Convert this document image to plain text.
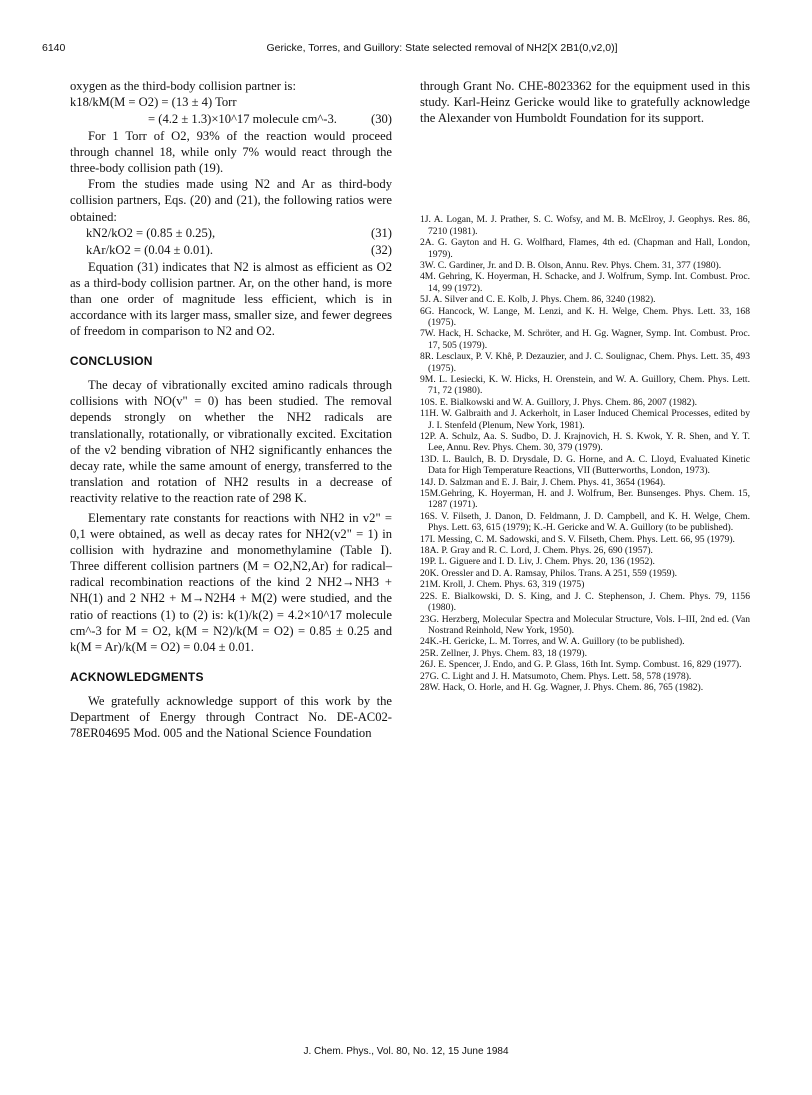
6140	Gericke, Torres, and Guillory: State selected removal of NH2[X 2B1(0,v2,0)]

oxygen as the third-body collision partner is:

k18/kM(M = O2) = (13 ± 4) Torr
= (4.2 ± 1.3)×10^17 molecule cm^-3.	(30)

For 1 Torr of O2, 93% of the reaction would proceed through channel 18, while only 7% would react through the three-body collision path (19).

From the studies made using N2 and Ar as third-body collision partners, Eqs. (20) and (21), the following ratios were obtained:

kN2/kO2 = (0.85 ± 0.25),	(31)
kAr/kO2 = (0.04 ± 0.01).	(32)

Equation (31) indicates that N2 is almost as efficient as O2 as a third-body collision partner. Ar, on the other hand, is more than one order of magnitude less efficient, which is in accordance with its larger mass, smaller size, and fewer degrees of freedom in comparison to N2 and O2.

CONCLUSION

The decay of vibrationally excited amino radicals through collisions with NO(v" = 0) has been studied. The removal depends strongly on whether the NH2 radicals are translationally, rotationally, or vibrationally excited. Excitation of the ν2 bending vibration of NH2 significantly enhances the decay rate, while the same amount of energy, transferred to the translation and rotation of NH2 results in a decrease of reactivity relative to the reaction rate of 298 K.

Elementary rate constants for reactions with NH2 in v2" = 0,1 were obtained, as well as decay rates for NH2(v2" = 1) in collision with hydrazine and monomethylamine (Table I). Three different collision partners (M = O2,N2,Ar) for radical–radical recombination reactions of the kind 2 NH2→NH3 + NH(1) and 2 NH2 + M→N2H4 + M(2) were studied, and the ratio of reactions (1) to (2) is: k(1)/k(2) = 4.2×10^17 molecule cm^-3 for M = O2, k(M = N2)/k(M = O2) = 0.85 ± 0.25 and k(M = Ar)/k(M = O2) = 0.04 ± 0.01.

ACKNOWLEDGMENTS

We gratefully acknowledge support of this work by the Department of Energy through Contract No. DE-AC02-78ER04695 Mod. 005 and the National Science Foundation

through Grant No. CHE-8023362 for the equipment used in this study. Karl-Heinz Gericke would like to gratefully acknowledge the Alexander von Humboldt Foundation for its support.

1J. A. Logan, M. J. Prather, S. C. Wofsy, and M. B. McElroy, J. Geophys. Res. 86, 7210 (1981).
2A. G. Gayton and H. G. Wolfhard, Flames, 4th ed. (Chapman and Hall, London, 1979).
3W. C. Gardiner, Jr. and D. B. Olson, Annu. Rev. Phys. Chem. 31, 377 (1980).
4M. Gehring, K. Hoyerman, H. Schacke, and J. Wolfrum, Symp. Int. Combust. Proc. 14, 99 (1972).
5J. A. Silver and C. E. Kolb, J. Phys. Chem. 86, 3240 (1982).
6G. Hancock, W. Lange, M. Lenzi, and K. H. Welge, Chem. Phys. Lett. 33, 168 (1975).
7W. Hack, H. Schacke, M. Schröter, and H. Gg. Wagner, Symp. Int. Combust. Proc. 17, 505 (1979).
8R. Lesclaux, P. V. Khê, P. Dezauzier, and J. C. Soulignac, Chem. Phys. Lett. 35, 493 (1975).
9M. L. Lesiecki, K. W. Hicks, H. Orenstein, and W. A. Guillory, Chem. Phys. Lett. 71, 72 (1980).
10S. E. Bialkowski and W. A. Guillory, J. Phys. Chem. 86, 2007 (1982).
11H. W. Galbraith and J. Ackerholt, in Laser Induced Chemical Processes, edited by J. I. Stenfeld (Plenum, New York, 1981).
12P. A. Schulz, Aa. S. Sudbo, D. J. Krajnovich, H. S. Kwok, Y. R. Shen, and Y. T. Lee, Annu. Rev. Phys. Chem. 30, 379 (1979).
13D. L. Baulch, B. D. Drysdale, D. G. Horne, and A. C. Lloyd, Evaluated Kinetic Data for High Temperature Reactions, VII (Butterworths, London, 1973).
14J. D. Salzman and E. J. Bair, J. Chem. Phys. 41, 3654 (1964).
15M.Gehring, K. Hoyerman, H. and J. Wolfrum, Ber. Bunsenges. Phys. Chem. 15, 1287 (1971).
16S. V. Filseth, J. Danon, D. Feldmann, J. D. Campbell, and K. H. Welge, Chem. Phys. Lett. 63, 615 (1979); K.-H. Gericke and W. A. Guillory (to be published).
17I. Messing, C. M. Sadowski, and S. V. Filseth, Chem. Phys. Lett. 66, 95 (1979).
18A. P. Gray and R. C. Lord, J. Chem. Phys. 26, 690 (1957).
19P. L. Giguere and I. D. Liv, J. Chem. Phys. 20, 136 (1952).
20K. Oressler and D. A. Ramsay, Philos. Trans. A 251, 559 (1959).
21M. Kroll, J. Chem. Phys. 63, 319 (1975)
22S. E. Bialkowski, D. S. King, and J. C. Stephenson, J. Chem. Phys. 79, 1156 (1980).
23G. Herzberg, Molecular Spectra and Molecular Structure, Vols. I–III, 2nd ed. (Van Nostrand Reinhold, New York, 1950).
24K.-H. Gericke, L. M. Torres, and W. A. Guillory (to be published).
25R. Zellner, J. Phys. Chem. 83, 18 (1979).
26J. E. Spencer, J. Endo, and G. P. Glass, 16th Int. Symp. Combust. 16, 829 (1977).
27G. C. Light and J. H. Matsumoto, Chem. Phys. Lett. 58, 578 (1978).
28W. Hack, O. Horle, and H. Gg. Wagner, J. Phys. Chem. 86, 765 (1982).
J. Chem. Phys., Vol. 80, No. 12, 15 June 1984
